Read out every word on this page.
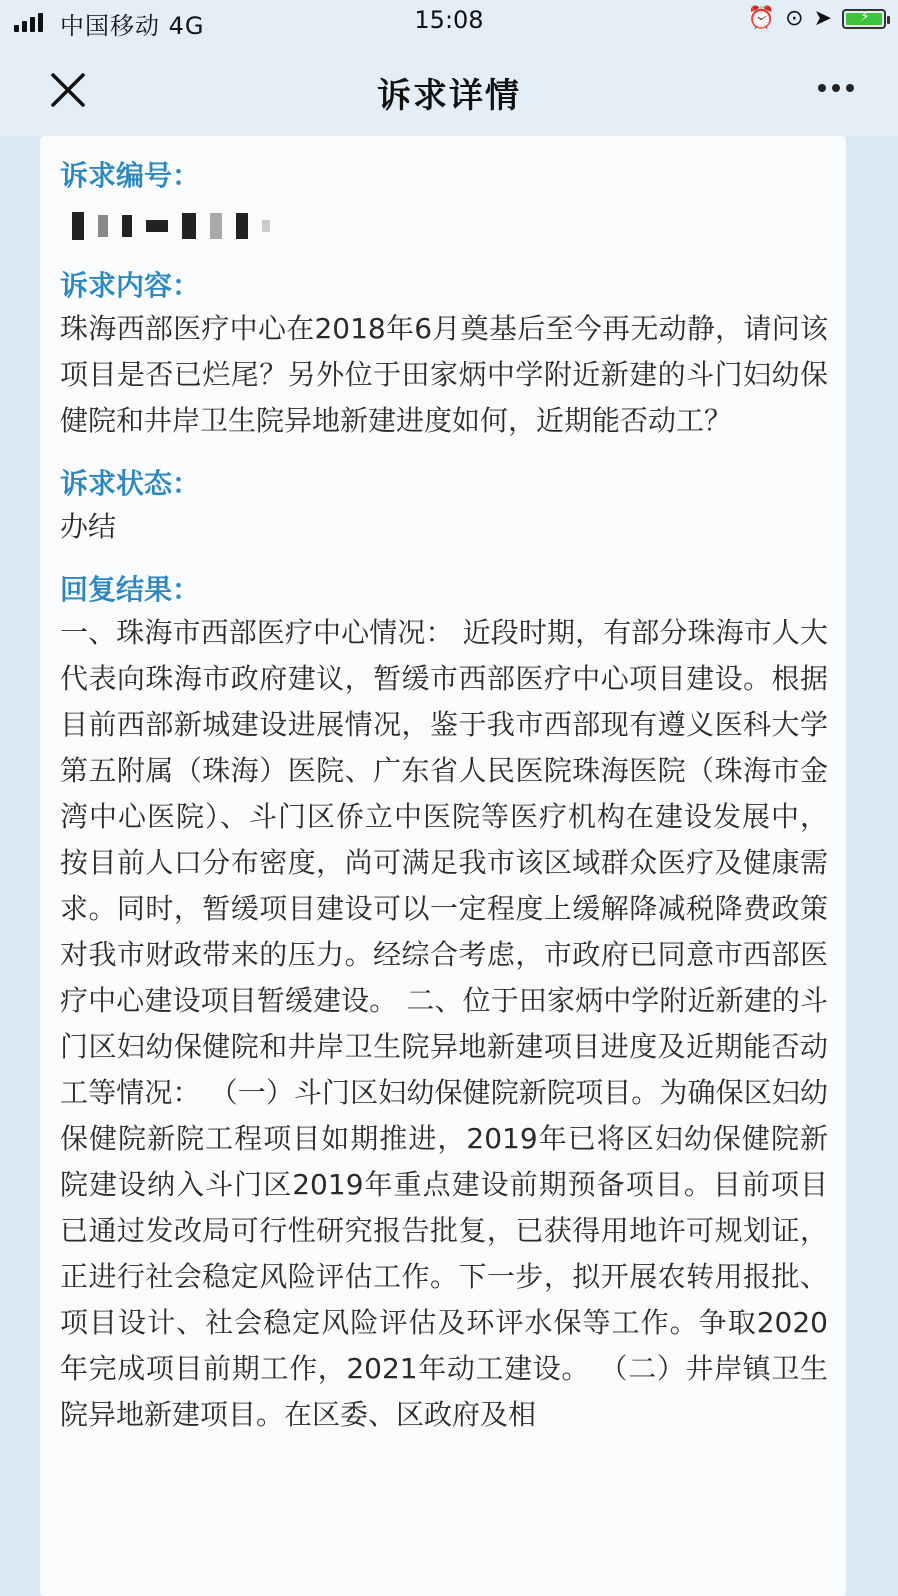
中国移动 4G	15:08	⏰ ⊙ ➤ ⚡
诉求详情
诉求编号：
诉求内容：
珠海西部医疗中心在2018年6月奠基后至今再无动静，请问该项目是否已烂尾？另外位于田家炳中学附近新建的斗门妇幼保健院和井岸卫生院异地新建进度如何，近期能否动工？
诉求状态：
办结
回复结果：
一、珠海市西部医疗中心情况： 近段时期，有部分珠海市人大代表向珠海市政府建议，暂缓市西部医疗中心项目建设。根据目前西部新城建设进展情况，鉴于我市西部现有遵义医科大学第五附属（珠海）医院、广东省人民医院珠海医院（珠海市金湾中心医院）、斗门区侨立中医院等医疗机构在建设发展中，按目前人口分布密度，尚可满足我市该区域群众医疗及健康需求。同时，暂缓项目建设可以一定程度上缓解降减税降费政策对我市财政带来的压力。经综合考虑，市政府已同意市西部医疗中心建设项目暂缓建设。 二、位于田家炳中学附近新建的斗门区妇幼保健院和井岸卫生院异地新建项目进度及近期能否动工等情况： （一）斗门区妇幼保健院新院项目。为确保区妇幼保健院新院工程项目如期推进，2019年已将区妇幼保健院新院建设纳入斗门区2019年重点建设前期预备项目。目前项目已通过发改局可行性研究报告批复，已获得用地许可规划证，正进行社会稳定风险评估工作。下一步，拟开展农转用报批、项目设计、社会稳定风险评估及环评水保等工作。争取2020年完成项目前期工作，2021年动工建设。 （二）井岸镇卫生院异地新建项目。在区委、区政府及相
